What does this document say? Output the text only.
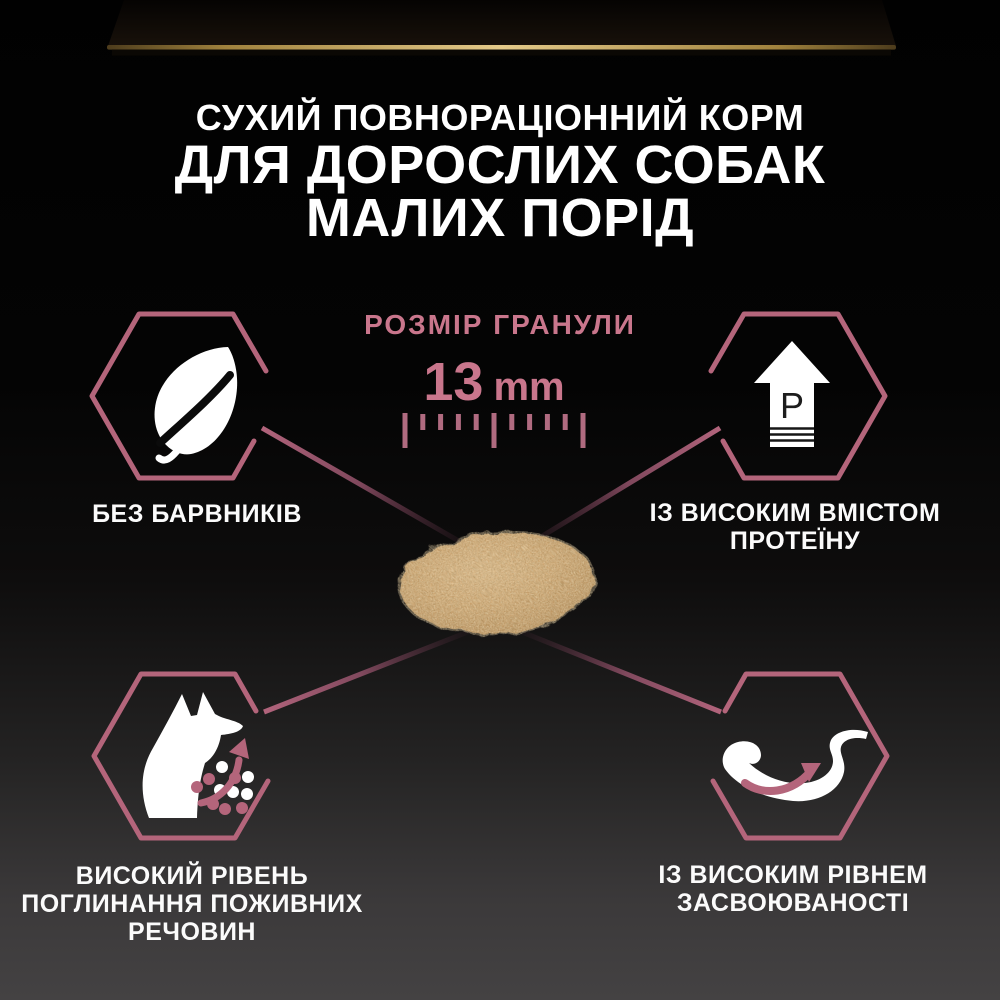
P
СУХИЙ ПОВНОРАЦІОННИЙ КОРМ
ДЛЯ ДОРОСЛИХ СОБАК
МАЛИХ ПОРІД
РОЗМІР ГРАНУЛИ
13 mm
БЕЗ БАРВНИКІВ	ІЗ ВИСОКИМ ВМІСТОМ
ПРОТЕЇНУ
ВИСОКИЙ РІВЕНЬ
ПОГЛИНАННЯ ПОЖИВНИХ
РЕЧОВИН
ІЗ ВИСОКИМ РІВНЕМ
ЗАСВОЮВАНОСТІ
